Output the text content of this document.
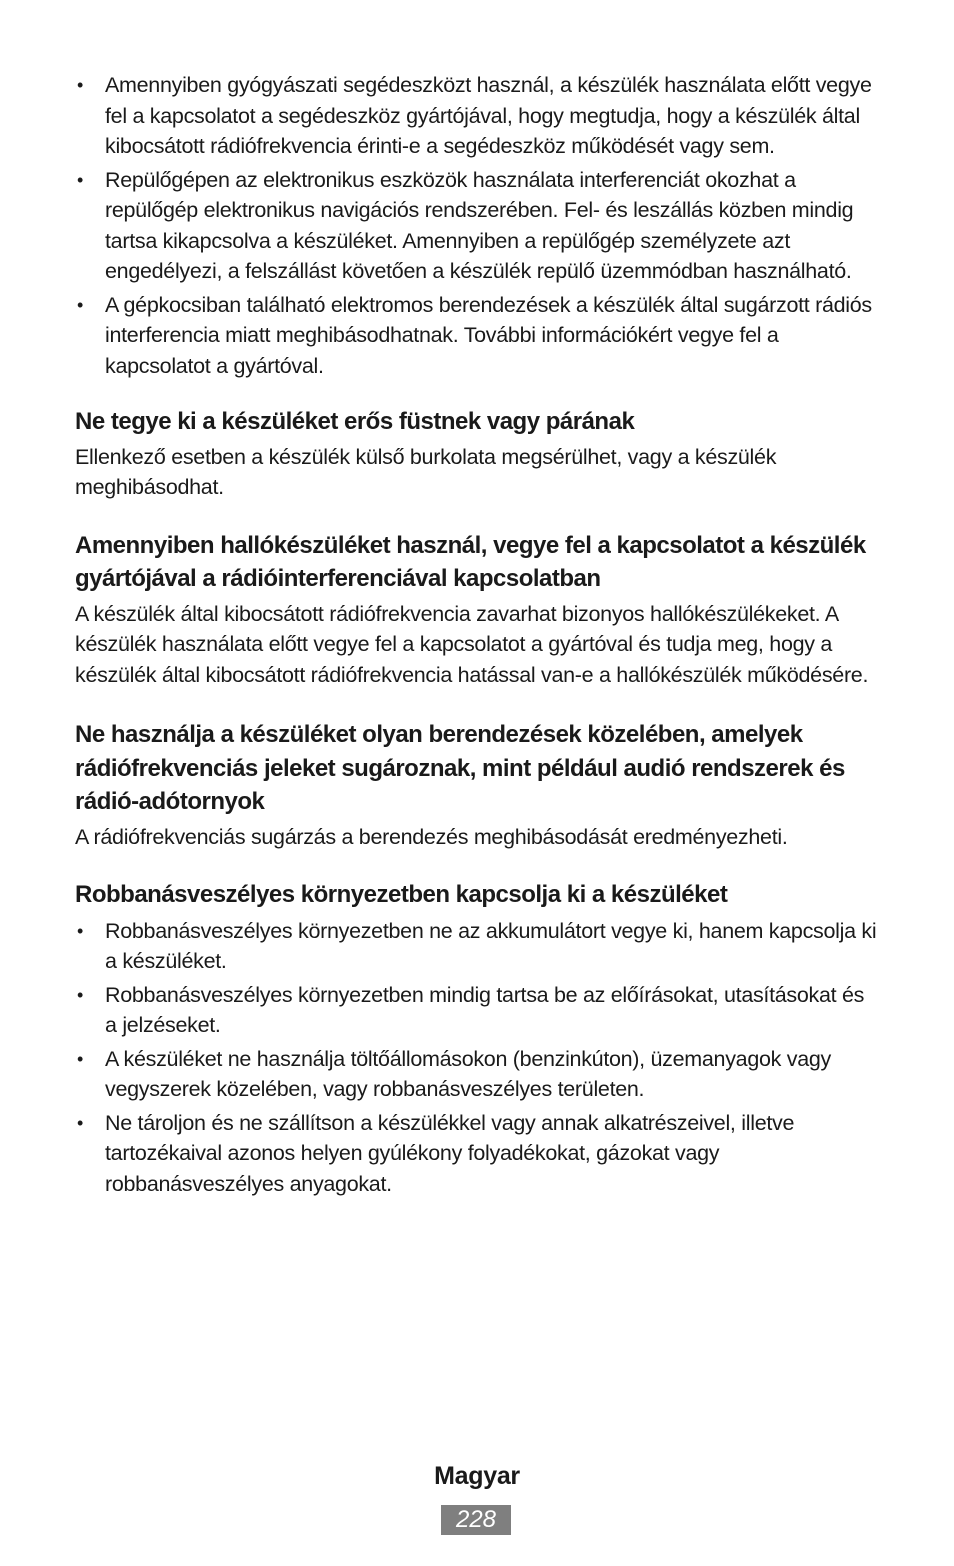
• Amennyiben gyógyászati segédeszközt használ, a készülék használata előtt vegye fel a kapcsolatot a segédeszköz gyártójával, hogy megtudja, hogy a készülék által kibocsátott rádiófrekvencia érinti-e a segédeszköz működését vagy sem.
• Repülőgépen az elektronikus eszközök használata interferenciát okozhat a repülőgép elektronikus navigációs rendszerében. Fel- és leszállás közben mindig tartsa kikapcsolva a készüléket. Amennyiben a repülőgép személyzete azt engedélyezi, a felszállást követően a készülék repülő üzemmódban használható.
• A gépkocsiban található elektromos berendezések a készülék által sugárzott rádiós interferencia miatt meghibásodhatnak. További információkért vegye fel a kapcsolatot a gyártóval.
Ne tegye ki a készüléket erős füstnek vagy párának

Ellenkező esetben a készülék külső burkolata megsérülhet, vagy a készülék meghibásodhat.

Amennyiben hallókészüléket használ, vegye fel a kapcsolatot a készülék gyártójával a rádióinterferenciával kapcsolatban

A készülék által kibocsátott rádiófrekvencia zavarhat bizonyos hallókészülékeket. A készülék használata előtt vegye fel a kapcsolatot a gyártóval és tudja meg, hogy a készülék által kibocsátott rádiófrekvencia hatással van-e a hallókészülék működésére.

Ne használja a készüléket olyan berendezések közelében, amelyek rádiófrekvenciás jeleket sugároznak, mint például audió rendszerek és rádió-adótornyok

A rádiófrekvenciás sugárzás a berendezés meghibásodását eredményezheti.

Robbanásveszélyes környezetben kapcsolja ki a készüléket
• Robbanásveszélyes környezetben ne az akkumulátort vegye ki, hanem kapcsolja ki a készüléket.
• Robbanásveszélyes környezetben mindig tartsa be az előírásokat, utasításokat és a jelzéseket.
• A készüléket ne használja töltőállomásokon (benzinkúton), üzemanyagok vagy vegyszerek közelében, vagy robbanásveszélyes területen.
• Ne tároljon és ne szállítson a készülékkel vagy annak alkatrészeivel, illetve tartozékaival azonos helyen gyúlékony folyadékokat, gázokat vagy robbanásveszélyes anyagokat.
Magyar
228
